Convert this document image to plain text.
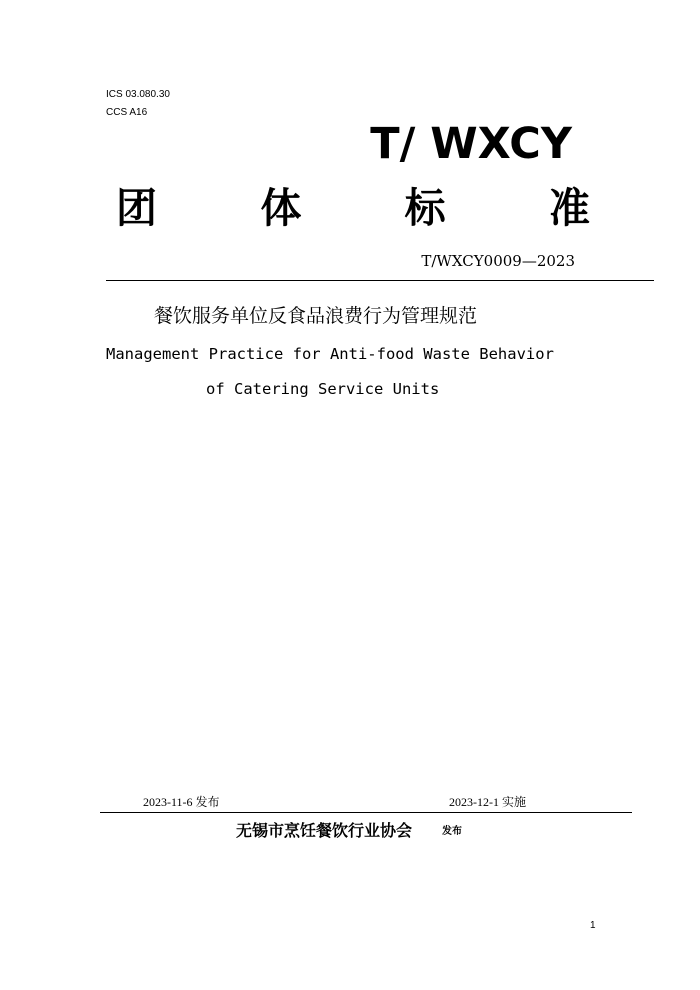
ICS 03.080.30
CCS A16
T/ WXCY
团	体	标	准
T/WXCY0009—2023
餐饮服务单位反食品浪费行为管理规范
Management Practice for Anti-food Waste Behavior
of Catering Service Units
2023-11-6 发布	2023-12-1 实施
无锡市烹饪餐饮行业协会	发布
1
